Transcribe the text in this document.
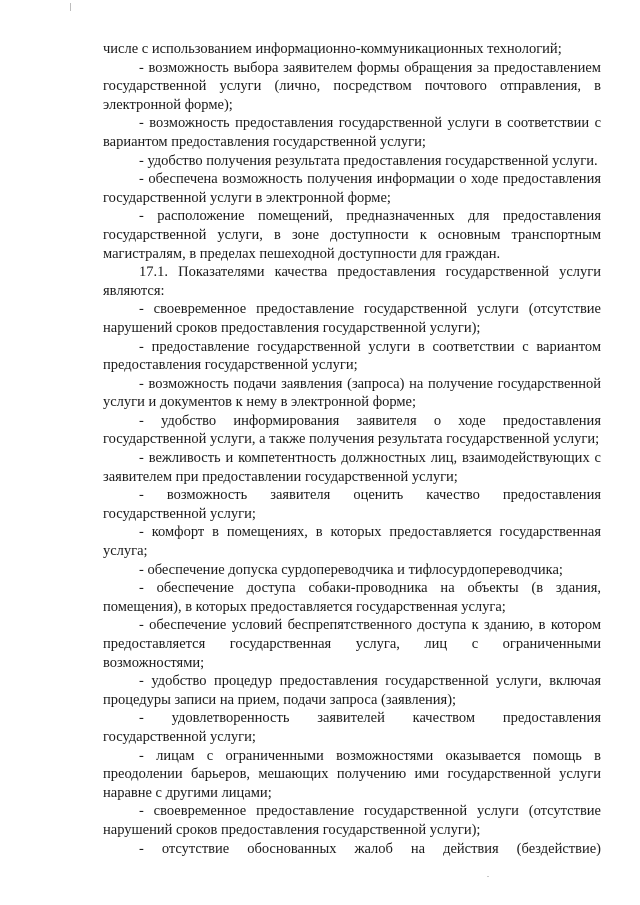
числе с использованием информационно-коммуникационных технологий;

- возможность выбора заявителем формы обращения за предоставлением государственной услуги (лично, посредством почтового отправления, в электронной форме);

- возможность предоставления государственной услуги в соответствии с вариантом предоставления государственной услуги;

- удобство получения результата предоставления государственной услуги.

- обеспечена возможность получения информации о ходе предоставления государственной услуги в электронной форме;

- расположение помещений, предназначенных для предоставления государственной услуги, в зоне доступности к основным транспортным магистралям, в пределах пешеходной доступности для граждан.

17.1. Показателями качества предоставления государственной услуги являются:

- своевременное предоставление государственной услуги (отсутствие нарушений сроков предоставления государственной услуги);

- предоставление государственной услуги в соответствии с вариантом предоставления государственной услуги;

- возможность подачи заявления (запроса) на получение государственной услуги и документов к нему в электронной форме;

- удобство информирования заявителя о ходе предоставления государственной услуги, а также получения результата государственной услуги;

- вежливость и компетентность должностных лиц, взаимодействующих с заявителем при предоставлении государственной услуги;

- возможность заявителя оценить качество предоставления государственной услуги;

- комфорт в помещениях, в которых предоставляется государственная услуга;

- обеспечение допуска сурдопереводчика и тифлосурдопереводчика;

- обеспечение доступа собаки-проводника на объекты (в здания, помещения), в которых предоставляется государственная услуга;

- обеспечение условий беспрепятственного доступа к зданию, в котором предоставляется государственная услуга, лиц с ограниченными возможностями;

- удобство процедур предоставления государственной услуги, включая процедуры записи на прием, подачи запроса (заявления);

- удовлетворенность заявителей качеством предоставления государственной услуги;

- лицам с ограниченными возможностями оказывается помощь в преодолении барьеров, мешающих получению ими государственной услуги наравне с другими лицами;

- своевременное предоставление государственной услуги (отсутствие нарушений сроков предоставления государственной услуги);

- отсутствие обоснованных жалоб на действия (бездействие)
